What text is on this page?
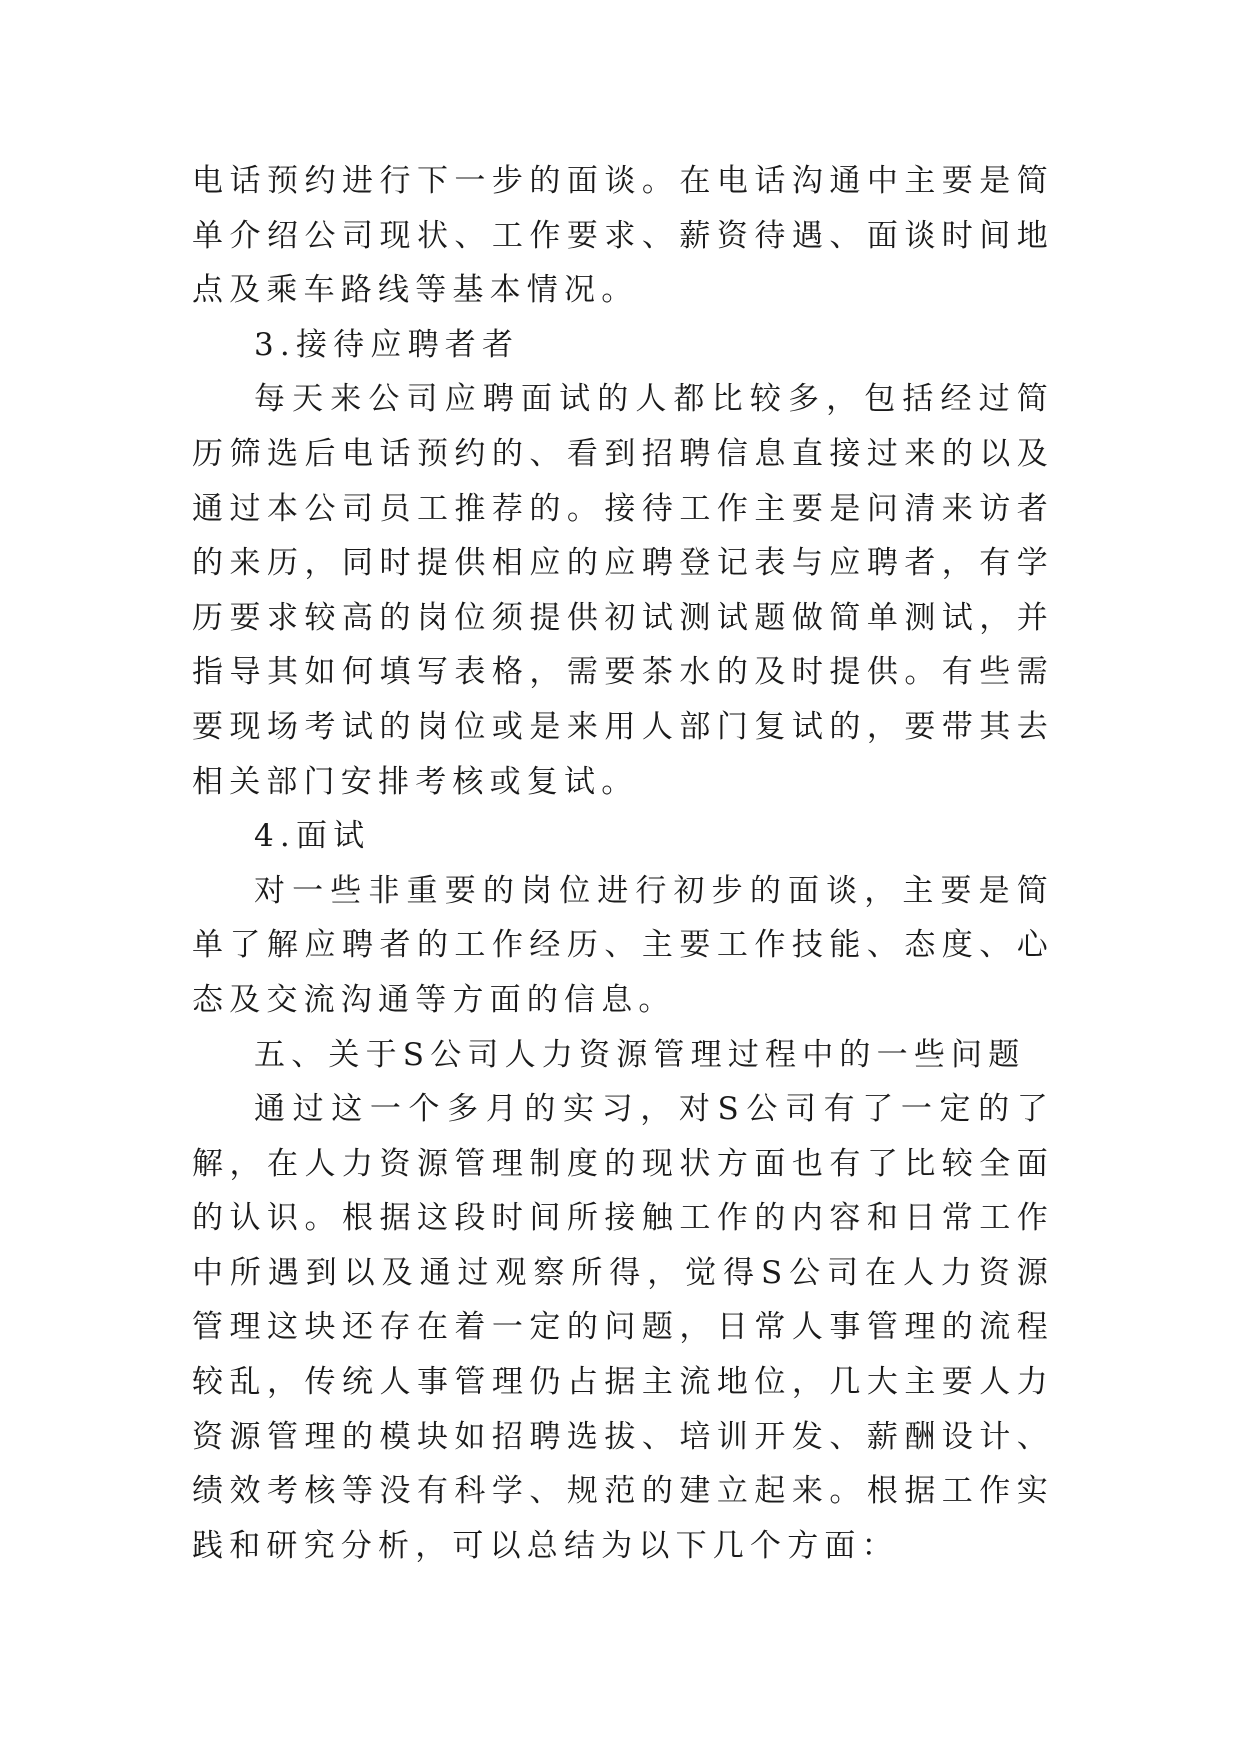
电话预约进行下一步的面谈。在电话沟通中主要是简单介绍公司现状、工作要求、薪资待遇、面谈时间地点及乘车路线等基本情况。

3.接待应聘者者

每天来公司应聘面试的人都比较多，包括经过简历筛选后电话预约的、看到招聘信息直接过来的以及通过本公司员工推荐的。接待工作主要是问清来访者的来历，同时提供相应的应聘登记表与应聘者，有学历要求较高的岗位须提供初试测试题做简单测试，并指导其如何填写表格，需要茶水的及时提供。有些需要现场考试的岗位或是来用人部门复试的，要带其去相关部门安排考核或复试。

4.面试

对一些非重要的岗位进行初步的面谈，主要是简单了解应聘者的工作经历、主要工作技能、态度、心态及交流沟通等方面的信息。

五、关于S公司人力资源管理过程中的一些问题

通过这一个多月的实习，对S公司有了一定的了解，在人力资源管理制度的现状方面也有了比较全面的认识。根据这段时间所接触工作的内容和日常工作中所遇到以及通过观察所得，觉得S公司在人力资源管理这块还存在着一定的问题，日常人事管理的流程较乱，传统人事管理仍占据主流地位，几大主要人力资源管理的模块如招聘选拔、培训开发、薪酬设计、绩效考核等没有科学、规范的建立起来。根据工作实践和研究分析，可以总结为以下几个方面：
